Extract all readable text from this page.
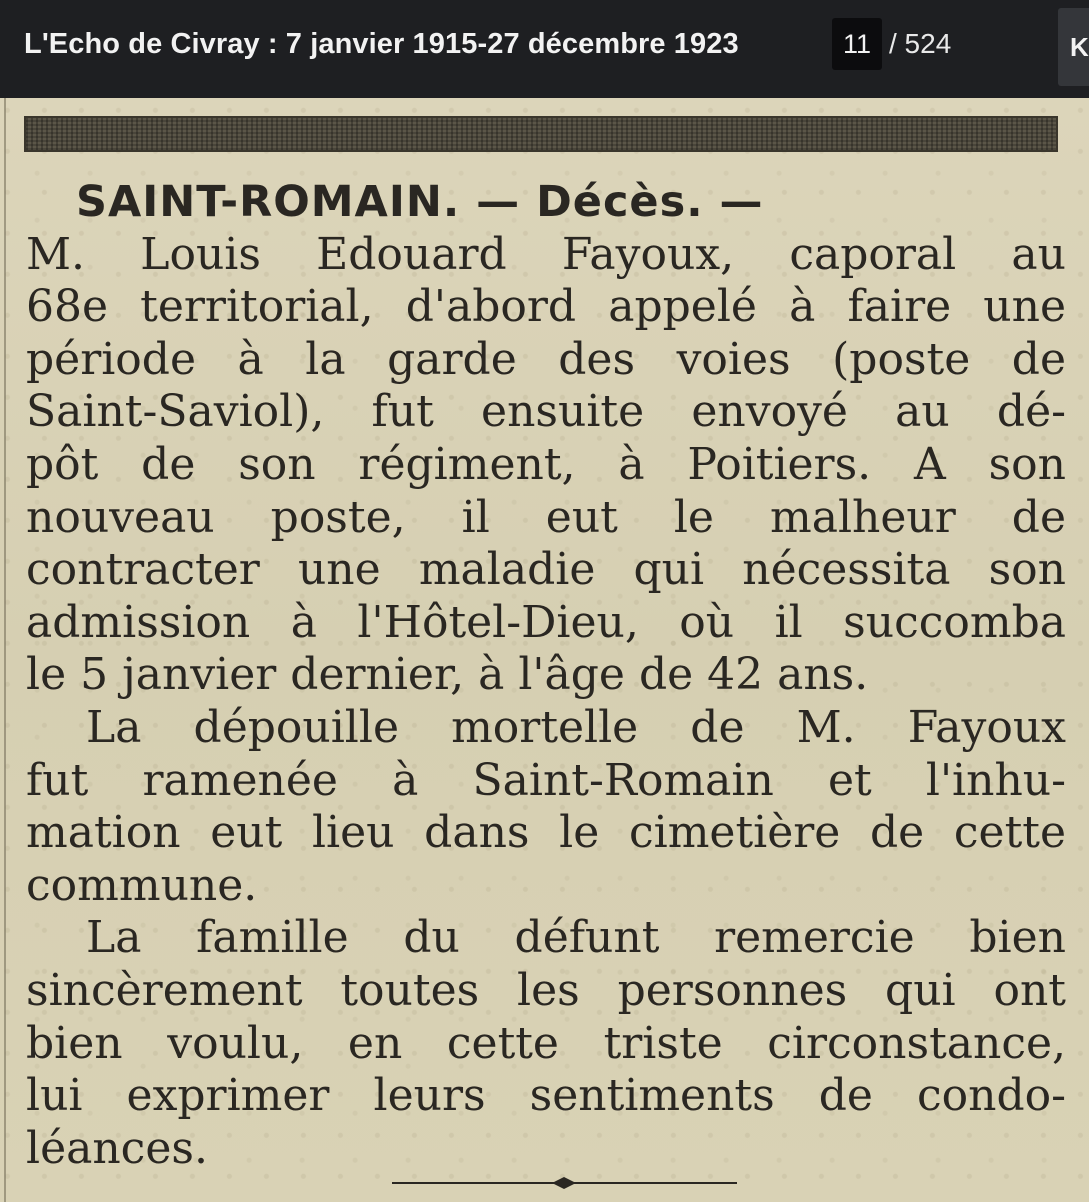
L'Echo de Civray : 7 janvier 1915-27 décembre 1923	11 / 524	K
SAINT-ROMAIN. — Décès. —
M. Louis Edouard Fayoux, caporal au
68e territorial, d'abord appelé à faire une
période à la garde des voies (poste de
Saint-Saviol), fut ensuite envoyé au dé-
pôt de son régiment, à Poitiers. A son
nouveau poste, il eut le malheur de
contracter une maladie qui nécessita son
admission à l'Hôtel-Dieu, où il succomba
le 5 janvier dernier, à l'âge de 42 ans.
La dépouille mortelle de M. Fayoux
fut ramenée à Saint-Romain et l'inhu-
mation eut lieu dans le cimetière de cette
commune.
La famille du défunt remercie bien
sincèrement toutes les personnes qui ont
bien voulu, en cette triste circonstance,
lui exprimer leurs sentiments de condo-
léances.
